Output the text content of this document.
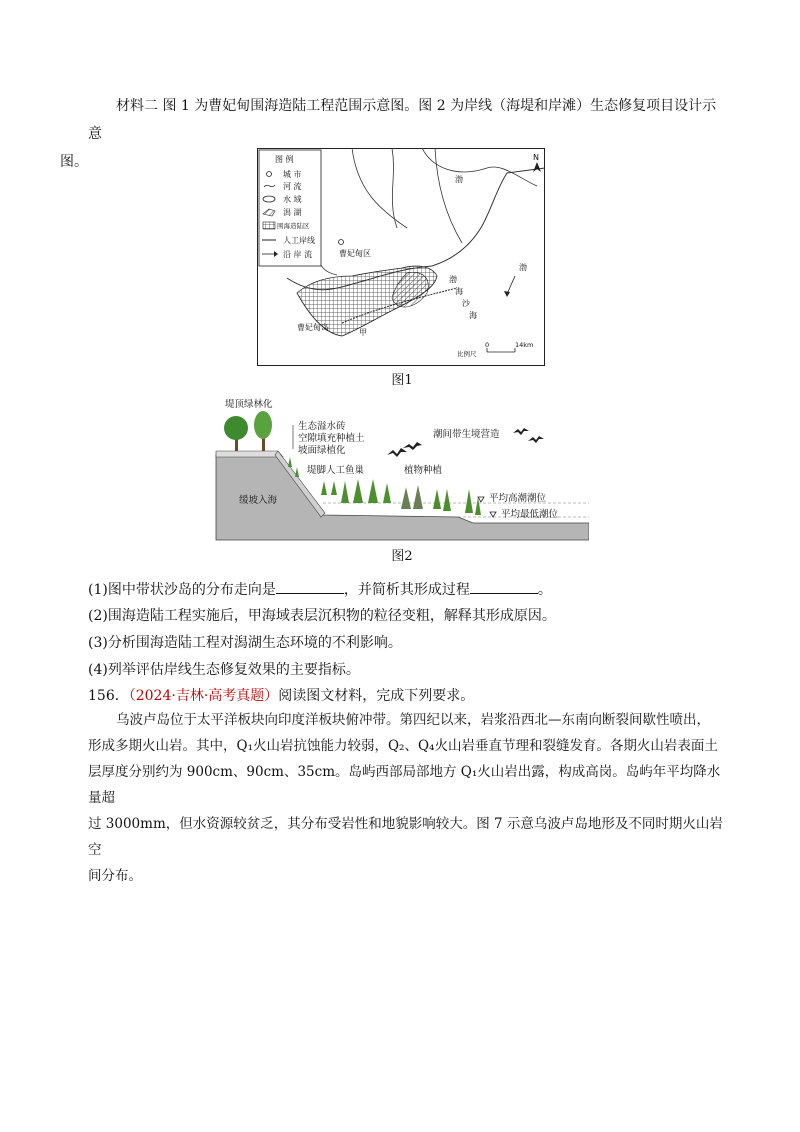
材料二 图 1 为曹妃甸围海造陆工程范围示意图。图 2 为岸线（海堤和岸滩）生态修复项目设计示意
图。	图 例
城 市
河 流
水 域
潟 湖
围海造陆区
人工岸线
沿 岸 流
N
渤
渤
曹妃甸区
渤
海
沙
海
曹妃甸岛
甲
比例尺
0	14km
图1
堤顶绿林化
生态溢水砖
空隙填充种植土
坡面绿植化
堤脚人工鱼巢
缓坡入海
植物种植
潮间带生境营造
平均高潮潮位
平均最低潮位
图2
(1)图中带状沙岛的分布走向是	，并简析其形成过程	。
(2)围海造陆工程实施后，甲海域表层沉积物的粒径变粗，解释其形成原因。
(3)分析围海造陆工程对潟湖生态环境的不利影响。
(4)列举评估岸线生态修复效果的主要指标。
156．（2024·吉林·高考真题）阅读图文材料，完成下列要求。
乌波卢岛位于太平洋板块向印度洋板块俯冲带。第四纪以来，岩浆沿西北—东南向断裂间歇性喷出，
形成多期火山岩。其中，Q₁火山岩抗蚀能力较弱，Q₂、Q₄火山岩垂直节理和裂缝发育。各期火山岩表面土
层厚度分别约为 900cm、90cm、35cm。岛屿西部局部地方 Q₁火山岩出露，构成高岗。岛屿年平均降水量超
过 3000mm，但水资源较贫乏，其分布受岩性和地貌影响较大。图 7 示意乌波卢岛地形及不同时期火山岩空
间分布。
